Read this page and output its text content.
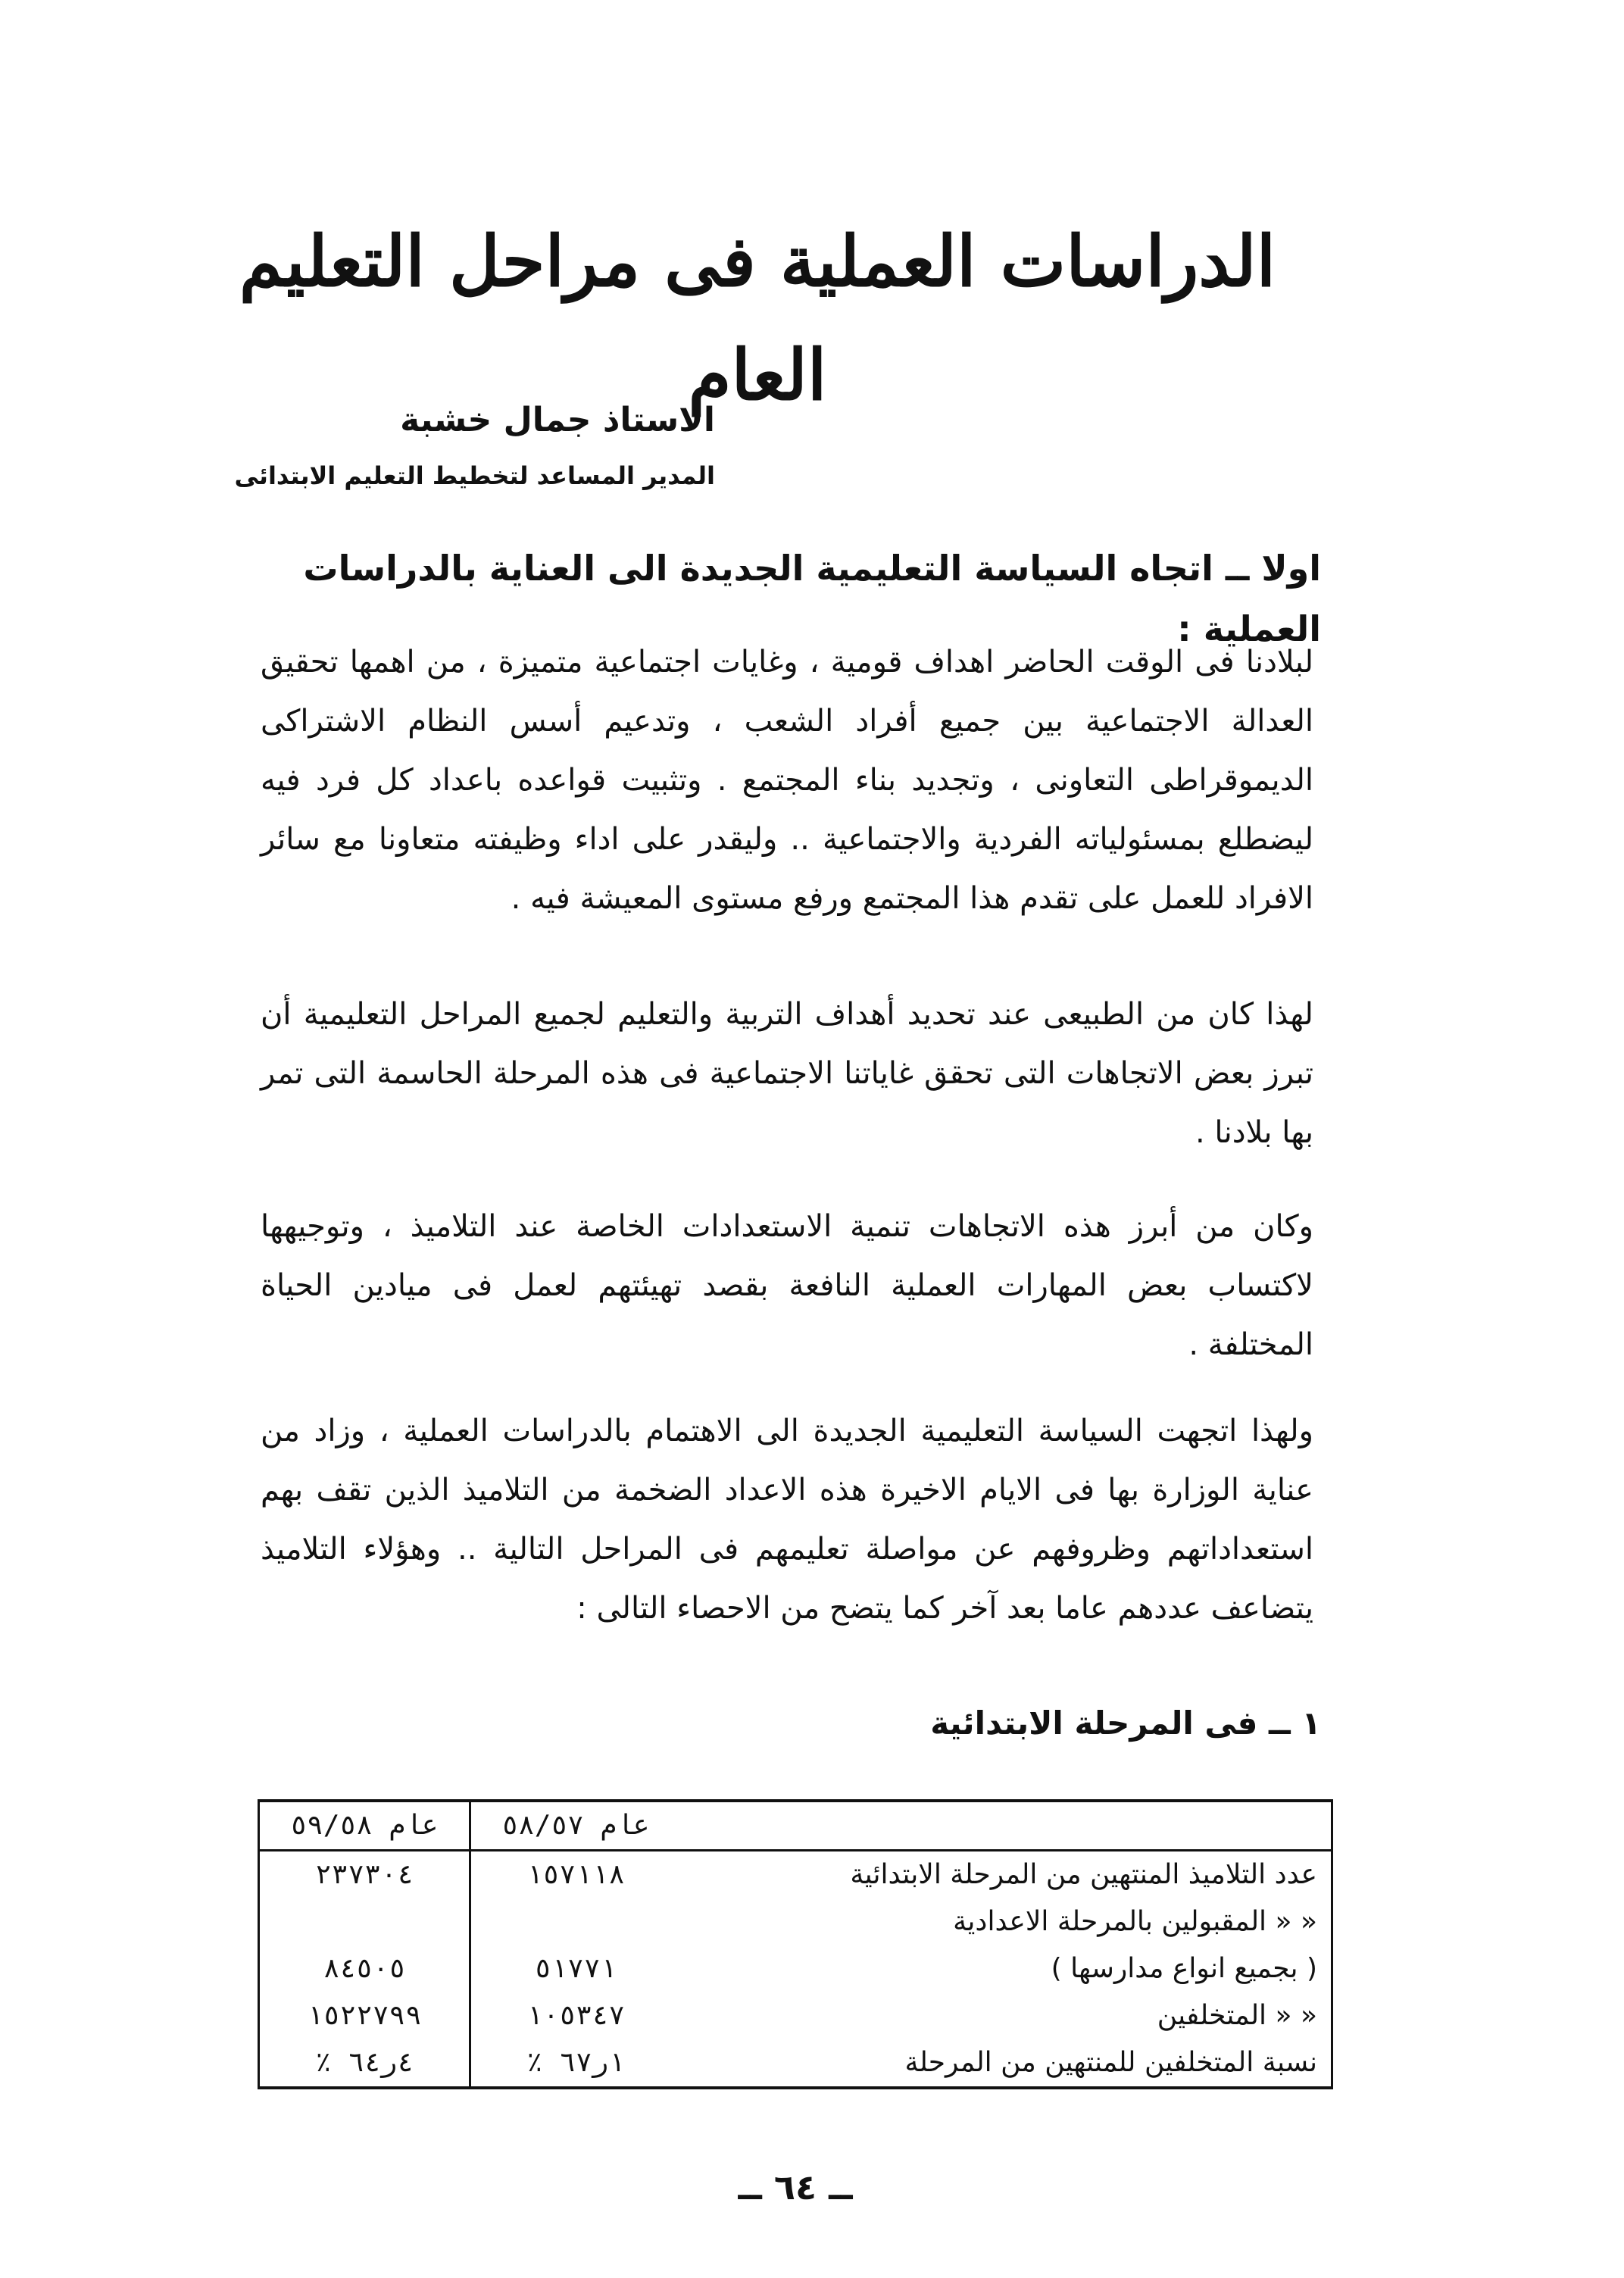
الدراسات العملية فى مراحل التعليم العام
الاستاذ جمال خشبة
المدير المساعد لتخطيط التعليم الابتدائى
اولا ــ اتجاه السياسة التعليمية الجديدة الى العناية بالدراسات العملية :
لبلادنا فى الوقت الحاضر اهداف قومية ، وغايات اجتماعية متميزة ، من اهمها تحقيق العدالة الاجتماعية بين جميع أفراد الشعب ، وتدعيم أسس النظام الاشتراكى الديموقراطى التعاونى ، وتجديد بناء المجتمع . وتثبيت قواعده باعداد كل فرد فيه ليضطلع بمسئولياته الفردية والاجتماعية .. وليقدر على اداء وظيفته متعاونا مع سائر الافراد للعمل على تقدم هذا المجتمع ورفع مستوى المعيشة فيه .
لهذا كان من الطبيعى عند تحديد أهداف التربية والتعليم لجميع المراحل التعليمية أن تبرز بعض الاتجاهات التى تحقق غاياتنا الاجتماعية فى هذه المرحلة الحاسمة التى تمر بها بلادنا .
وكان من أبرز هذه الاتجاهات تنمية الاستعدادات الخاصة عند التلاميذ ، وتوجيهها لاكتساب بعض المهارات العملية النافعة بقصد تهيئتهم لعمل فى ميادين الحياة المختلفة .
ولهذا اتجهت السياسة التعليمية الجديدة الى الاهتمام بالدراسات العملية ، وزاد من عناية الوزارة بها فى الايام الاخيرة هذه الاعداد الضخمة من التلاميذ الذين تقف بهم استعداداتهم وظروفهم عن مواصلة تعليمهم فى المراحل التالية .. وهؤلاء التلاميذ يتضاعف عددهم عاما بعد آخر كما يتضح من الاحصاء التالى :
١ ــ فى المرحلة الابتدائية
	عام ٥٨/٥٧	عام ٥٩/٥٨
عدد التلاميذ المنتهين من المرحلة الابتدائية	١٥٧١١٨	٢٣٧٣٠٤
« « المقبولين بالمرحلة الاعدادية		
( بجميع انواع مدارسها )	٥١٧٧١	٨٤٥٠٥
« « المتخلفين	١٠٥٣٤٧	١٥٢٢٧٩٩
نسبة المتخلفين للمنتهين من المرحلة	١ر٦٧ ٪	٤ر٦٤ ٪
ــ ٦٤ ــ
